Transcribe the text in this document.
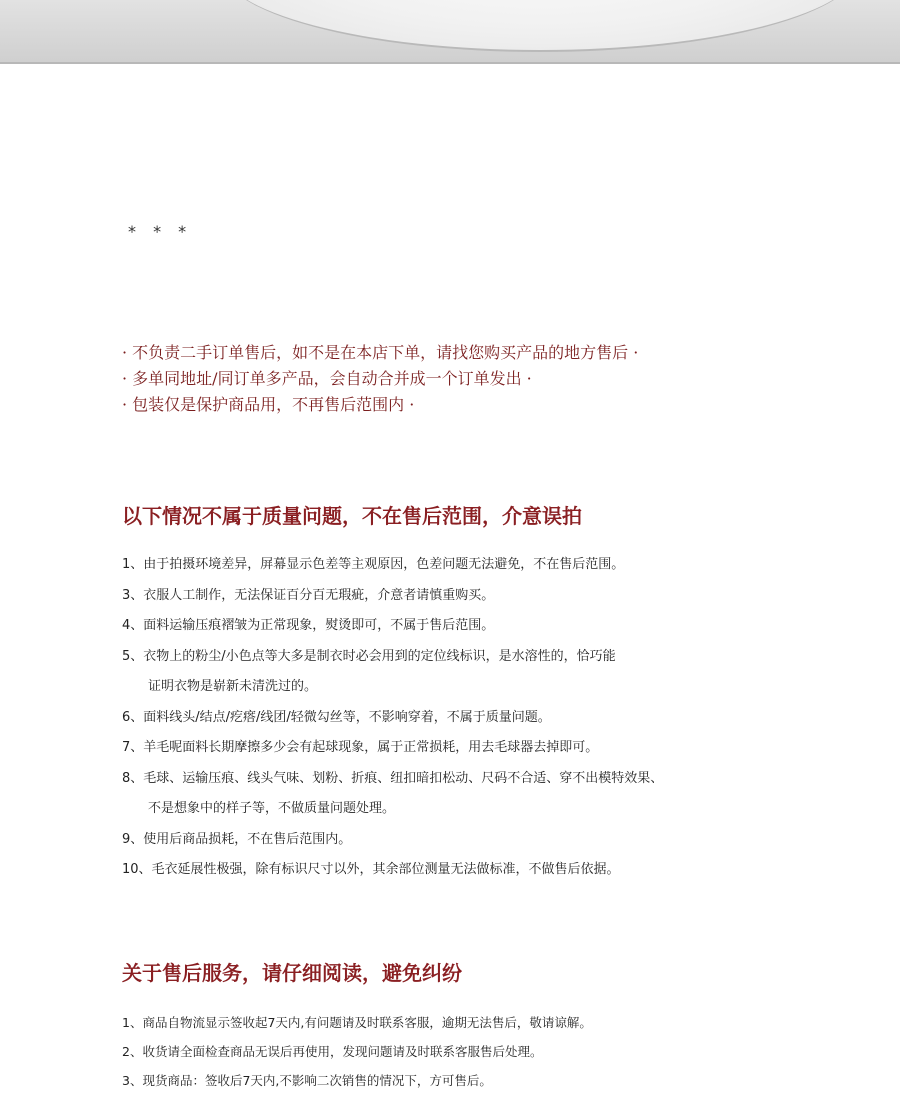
* * *
· 不负责二手订单售后，如不是在本店下单，请找您购买产品的地方售后 ·
· 多单同地址/同订单多产品，会自动合并成一个订单发出 ·
· 包装仅是保护商品用，不再售后范围内 ·
以下情况不属于质量问题，不在售后范围，介意误拍
1、由于拍摄环境差异，屏幕显示色差等主观原因，色差问题无法避免，不在售后范围。
3、衣服人工制作，无法保证百分百无瑕疵，介意者请慎重购买。
4、面料运输压痕褶皱为正常现象，熨烫即可，不属于售后范围。
5、衣物上的粉尘/小色点等大多是制衣时必会用到的定位线标识，是水溶性的，恰巧能
证明衣物是崭新未清洗过的。
6、面料线头/结点/疙瘩/线团/轻微勾丝等，不影响穿着，不属于质量问题。
7、羊毛呢面料长期摩擦多少会有起球现象，属于正常损耗，用去毛球器去掉即可。
8、毛球、运输压痕、线头气味、划粉、折痕、纽扣暗扣松动、尺码不合适、穿不出模特效果、
不是想象中的样子等，不做质量问题处理。
9、使用后商品损耗，不在售后范围内。
10、毛衣延展性极强，除有标识尺寸以外，其余部位测量无法做标准，不做售后依据。
关于售后服务，请仔细阅读，避免纠纷
1、商品自物流显示签收起7天内,有问题请及时联系客服，逾期无法售后，敬请谅解。
2、收货请全面检查商品无误后再使用，发现问题请及时联系客服售后处理。
3、现货商品：签收后7天内,不影响二次销售的情况下，方可售后。
